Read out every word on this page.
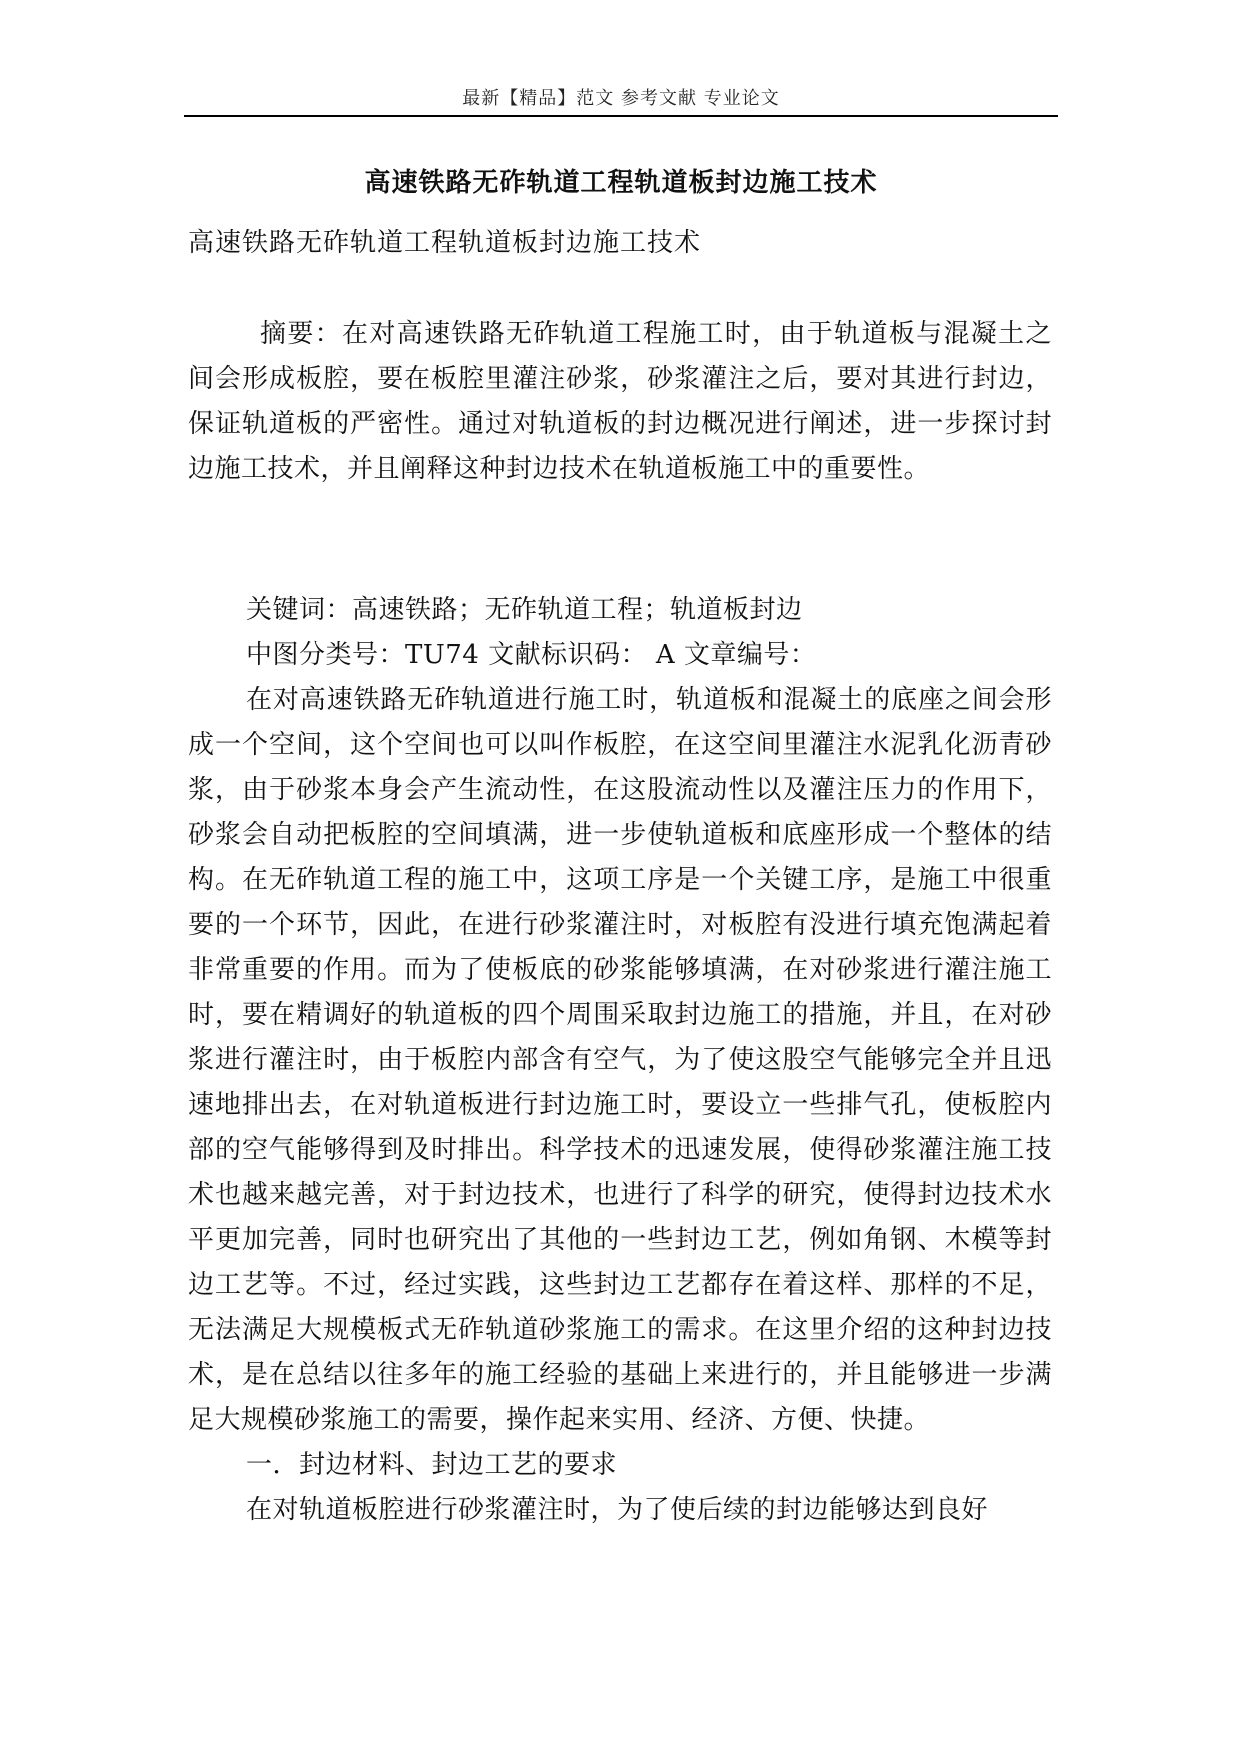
最新【精品】范文 参考文献 专业论文
高速铁路无砟轨道工程轨道板封边施工技术
高速铁路无砟轨道工程轨道板封边施工技术

摘要：在对高速铁路无砟轨道工程施工时，由于轨道板与混凝土之间会形成板腔，要在板腔里灌注砂浆，砂浆灌注之后，要对其进行封边，保证轨道板的严密性。通过对轨道板的封边概况进行阐述，进一步探讨封边施工技术，并且阐释这种封边技术在轨道板施工中的重要性。

关键词：高速铁路；无砟轨道工程；轨道板封边

中图分类号：TU74 文献标识码： A 文章编号：

在对高速铁路无砟轨道进行施工时，轨道板和混凝土的底座之间会形成一个空间，这个空间也可以叫作板腔，在这空间里灌注水泥乳化沥青砂浆，由于砂浆本身会产生流动性，在这股流动性以及灌注压力的作用下，砂浆会自动把板腔的空间填满，进一步使轨道板和底座形成一个整体的结构。在无砟轨道工程的施工中，这项工序是一个关键工序，是施工中很重要的一个环节，因此，在进行砂浆灌注时，对板腔有没进行填充饱满起着非常重要的作用。而为了使板底的砂浆能够填满，在对砂浆进行灌注施工时，要在精调好的轨道板的四个周围采取封边施工的措施，并且，在对砂浆进行灌注时，由于板腔内部含有空气，为了使这股空气能够完全并且迅速地排出去，在对轨道板进行封边施工时，要设立一些排气孔，使板腔内部的空气能够得到及时排出。科学技术的迅速发展，使得砂浆灌注施工技术也越来越完善，对于封边技术，也进行了科学的研究，使得封边技术水平更加完善，同时也研究出了其他的一些封边工艺，例如角钢、木模等封边工艺等。不过，经过实践，这些封边工艺都存在着这样、那样的不足，无法满足大规模板式无砟轨道砂浆施工的需求。在这里介绍的这种封边技术，是在总结以往多年的施工经验的基础上来进行的，并且能够进一步满足大规模砂浆施工的需要，操作起来实用、经济、方便、快捷。

一．封边材料、封边工艺的要求

在对轨道板腔进行砂浆灌注时，为了使后续的封边能够达到良好
